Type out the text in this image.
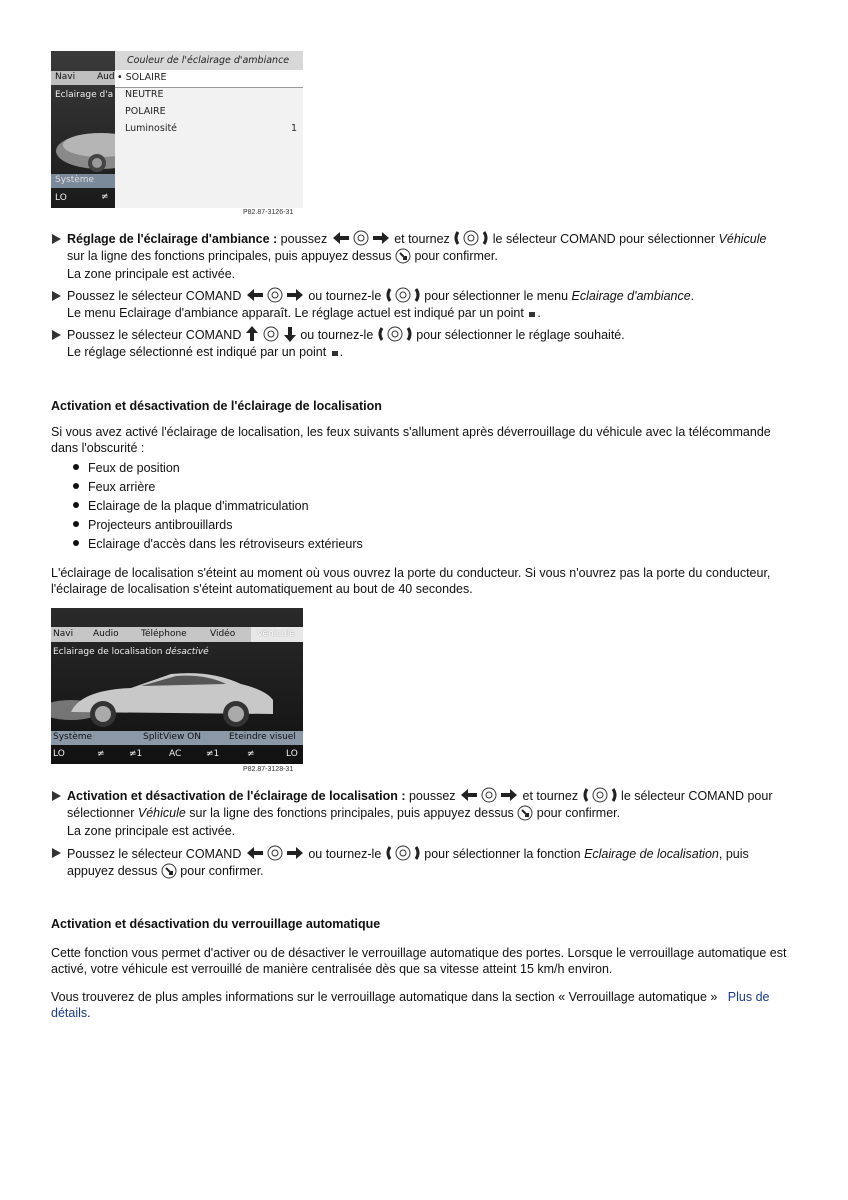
Navi Aud
Eclairage d'a
Système
LO	≠
Couleur de l'éclairage d'ambiance
• SOLAIRE
NEUTRE
POLAIRE
Luminosité	1
P82.87-3126-31
Réglage de l'éclairage d'ambiance : poussez	et tournez	le sélecteur COMAND pour sélectionner Véhicule
sur la ligne des fonctions principales, puis appuyez dessus  pour confirmer.
La zone principale est activée.
Poussez le sélecteur COMAND	ou tournez-le	pour sélectionner le menu Eclairage d'ambiance.
Le menu Eclairage d'ambiance apparaît. Le réglage actuel est indiqué par un point .
Poussez le sélecteur COMAND	ou tournez-le	pour sélectionner le réglage souhaité.
Le réglage sélectionné est indiqué par un point .
Activation et désactivation de l'éclairage de localisation

Si vous avez activé l'éclairage de localisation, les feux suivants s'allument après déverrouillage du véhicule avec la télécommande dans l'obscurité :

Feux de position
Feux arrière
Eclairage de la plaque d'immatriculation
Projecteurs antibrouillards
Eclairage d'accès dans les rétroviseurs extérieurs

L'éclairage de localisation s'éteint au moment où vous ouvrez la porte du conducteur. Si vous n'ouvrez pas la porte du conducteur, l'éclairage de localisation s'éteint automatiquement au bout de 40 secondes.

Navi Audio Téléphone	Vidéo Véhicule
Eclairage de localisation désactivé
Système	SplitView ON	Eteindre visuel
LO	≠	≠1	AC	≠1	≠	LO
P82.87-3128-31
Activation et désactivation de l'éclairage de localisation : poussez	et tournez	le sélecteur COMAND pour
sélectionner Véhicule sur la ligne des fonctions principales, puis appuyez dessus  pour confirmer.
La zone principale est activée.
Poussez le sélecteur COMAND	ou tournez-le	pour sélectionner la fonction Eclairage de localisation, puis
appuyez dessus  pour confirmer.
Activation et désactivation du verrouillage automatique

Cette fonction vous permet d'activer ou de désactiver le verrouillage automatique des portes. Lorsque le verrouillage automatique est activé, votre véhicule est verrouillé de manière centralisée dès que sa vitesse atteint 15 km/h environ.

Vous trouverez de plus amples informations sur le verrouillage automatique dans la section « Verrouillage automatique » Plus de détails.
